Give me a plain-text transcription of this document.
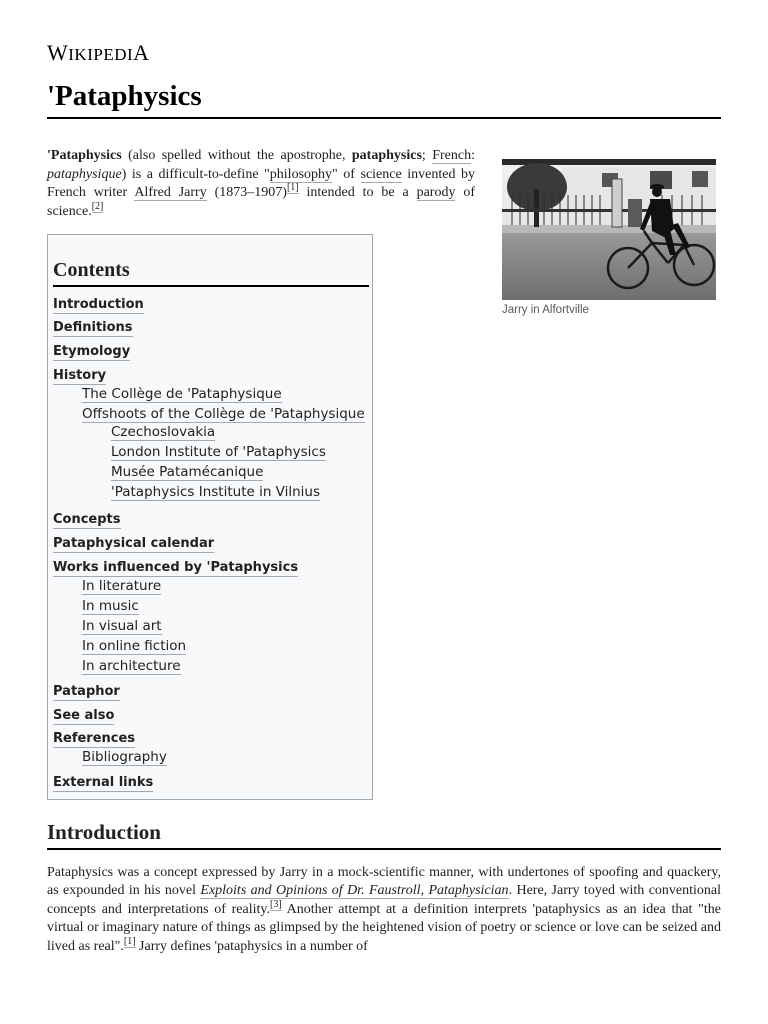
WIKIPEDIA
'Pataphysics

'Pataphysics (also spelled without the apostrophe, pataphysics; French: pataphysique) is a difficult-to-define "philosophy" of science invented by French writer Alfred Jarry (1873–1907)[1] intended to be a parody of science.[2]

Jarry in Alfortville
Contents
Introduction
Definitions
Etymology
History
The Collège de 'Pataphysique
Offshoots of the Collège de 'Pataphysique
Czechoslovakia
London Institute of 'Pataphysics
Musée Patamécanique
'Pataphysics Institute in Vilnius
Concepts
Pataphysical calendar
Works influenced by 'Pataphysics
In literature
In music
In visual art
In online fiction
In architecture
Pataphor
See also
References
Bibliography
External links
Introduction

Pataphysics was a concept expressed by Jarry in a mock-scientific manner, with undertones of spoofing and quackery, as expounded in his novel Exploits and Opinions of Dr. Faustroll, Pataphysician. Here, Jarry toyed with conventional concepts and interpretations of reality.[3] Another attempt at a definition interprets 'pataphysics as an idea that "the virtual or imaginary nature of things as glimpsed by the heightened vision of poetry or science or love can be seized and lived as real".[1] Jarry defines 'pataphysics in a number of
